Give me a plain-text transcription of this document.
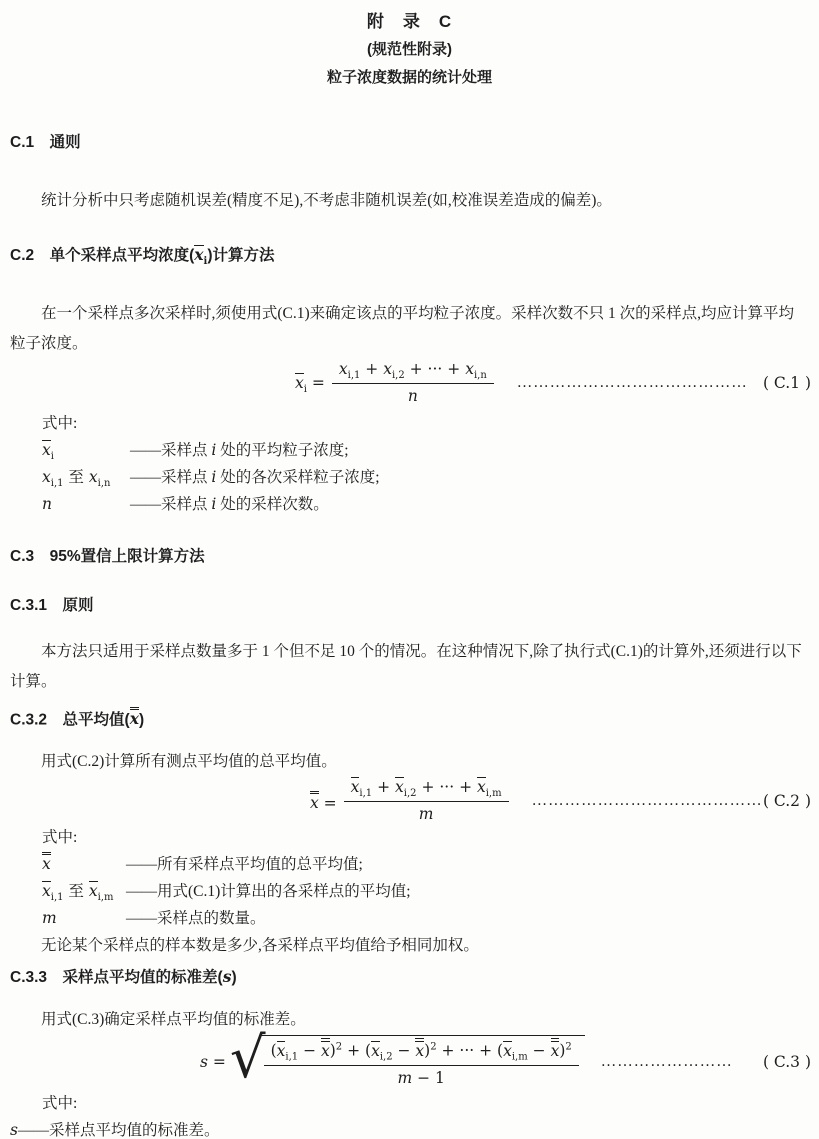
附　录　C
(规范性附录)
粒子浓度数据的统计处理
C.1　通则

统计分析中只考虑随机误差(精度不足),不考虑非随机误差(如,校准误差造成的偏差)。

C.2　单个采样点平均浓度$(x_i)$计算方法

在一个采样点多次采样时,须使用式(C.1)来确定该点的平均粒子浓度。采样次数不只 1 次的采样点,均应计算平均粒子浓度。

$x_i = \frac{x_{i,1} + x_{i,2} + \cdot\cdot\cdot + x_{i,n}}{n}$	…………………………………… ( C.1 )

式中:

$x_i$	——采样点 i 处的平均粒子浓度;
$x_{i,1}$ 至 $x_{i,n}$	——采样点 i 处的各次采样粒子浓度;
n	——采样点 i 处的采样次数。
C.3　95%置信上限计算方法
C.3.1　原则

本方法只适用于采样点数量多于 1 个但不足 10 个的情况。在这种情况下,除了执行式(C.1)的计算外,还须进行以下计算。

C.3.2　总平均值(x)

用式(C.2)计算所有测点平均值的总平均值。

$x = \frac{x_{i,1} + x_{i,2} + \cdot\cdot\cdot + x_{i,m}}{m}$	…………………………………… ( C.2 )

式中:

x	——所有采样点平均值的总平均值;
$x_{i,1}$ 至 $x_{i,m}$ ——用式(C.1)计算出的各采样点的平均值;
m	——采样点的数量。

无论某个采样点的样本数是多少,各采样点平均值给予相同加权。

C.3.3　采样点平均值的标准差(s)

用式(C.3)确定采样点平均值的标准差。

s = √
$\frac{(x_{i,1} - x)^2 + (x_{i,2} - x)^2 + \cdot\cdot\cdot + (x_{i,m} - x)^2}{m - 1}$	……………………	( C.3 )

式中:

s——采样点平均值的标准差。
